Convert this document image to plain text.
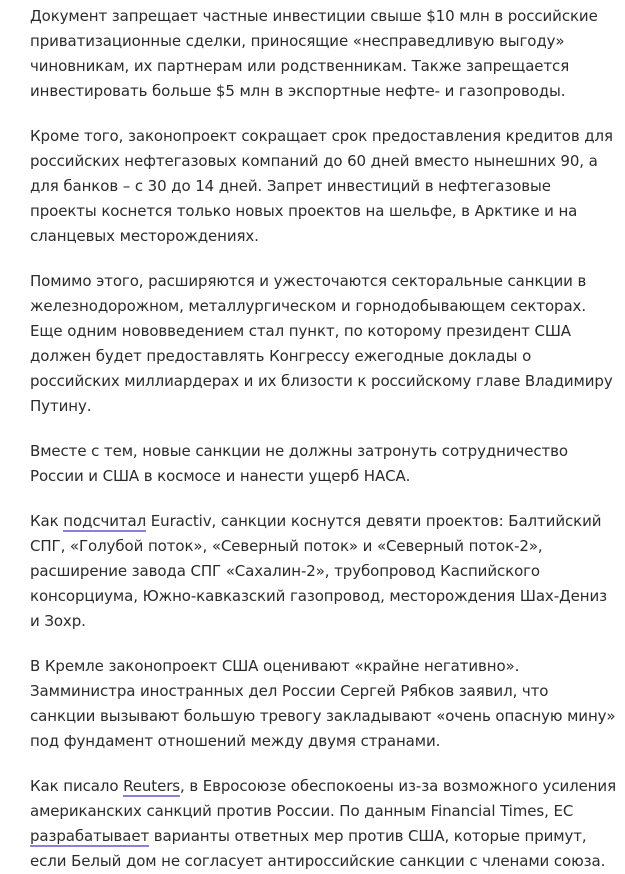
Документ запрещает частные инвестиции свыше $10 млн в российские приватизационные сделки, приносящие «несправедливую выгоду» чиновникам, их партнерам или родственникам. Также запрещается инвестировать больше $5 млн в экспортные нефте- и газопроводы.

Кроме того, законопроект сокращает срок предоставления кредитов для российских нефтегазовых компаний до 60 дней вместо нынешних 90, а для банков – с 30 до 14 дней. Запрет инвестиций в нефтегазовые проекты коснется только новых проектов на шельфе, в Арктике и на сланцевых месторождениях.

Помимо этого, расширяются и ужесточаются секторальные санкции в железнодорожном, металлургическом и горнодобывающем секторах. Еще одним нововведением стал пункт, по которому президент США должен будет предоставлять Конгрессу ежегодные доклады о российских миллиардерах и их близости к российскому главе Владимиру Путину.

Вместе с тем, новые санкции не должны затронуть сотрудничество России и США в космосе и нанести ущерб НАСА.

Как подсчитал Euractiv, санкции коснутся девяти проектов: Балтийский СПГ, «Голубой поток», «Северный поток» и «Северный поток-2», расширение завода СПГ «Сахалин-2», трубопровод Каспийского консорциума, Южно-кавказский газопровод, месторождения Шах-Дениз и Зохр.

В Кремле законопроект США оценивают «крайне негативно». Замминистра иностранных дел России Сергей Рябков заявил, что санкции вызывают большую тревогу закладывают «очень опасную мину» под фундамент отношений между двумя странами.

Как писало Reuters, в Евросоюзе обеспокоены из-за возможного усиления американских санкций против России. По данным Financial Times, ЕС разрабатывает варианты ответных мер против США, которые примут, если Белый дом не согласует антироссийские санкции с членами союза.
